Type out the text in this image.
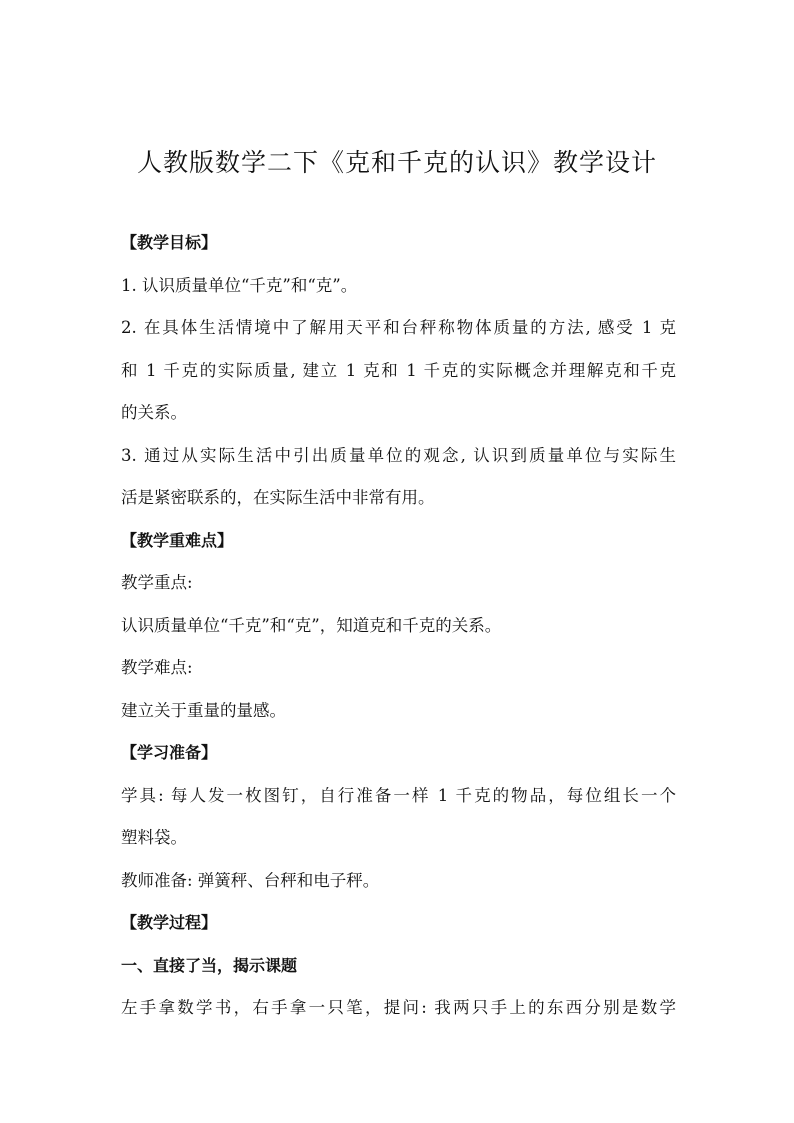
人教版数学二下《克和千克的认识》教学设计

【教学目标】

1. 认识质量单位“千克”和“克”。

2. 在具体生活情境中了解用天平和台秤称物体质量的方法, 感受 1 克

和 1 千克的实际质量, 建立 1 克和 1 千克的实际概念并理解克和千克

的关系。

3. 通过从实际生活中引出质量单位的观念, 认识到质量单位与实际生

活是紧密联系的，在实际生活中非常有用。

【教学重难点】

教学重点:

认识质量单位“千克”和“克”，知道克和千克的关系。

教学难点:

建立关于重量的量感。

【学习准备】

学具: 每人发一枚图钉，自行准备一样 1 千克的物品，每位组长一个

塑料袋。

教师准备: 弹簧秤、台秤和电子秤。

【教学过程】

一、直接了当，揭示课题

左手拿数学书，右手拿一只笔，提问: 我两只手上的东西分别是数学
